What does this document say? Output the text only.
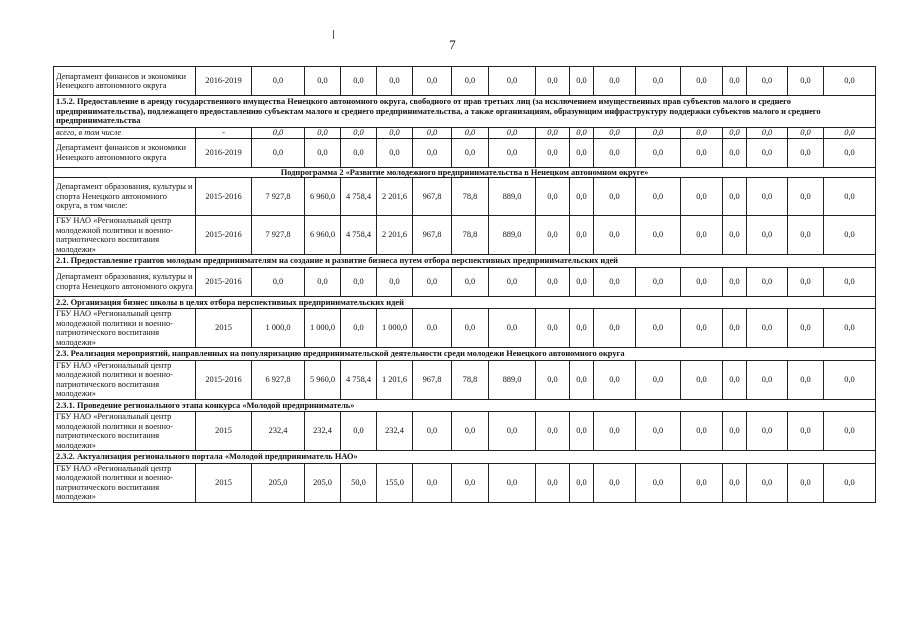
7
Департамент финансов и экономики Ненецкого автономного округа	2016-2019	0,0	0,0	0,0	0,0	0,0	0,0	0,0	0,0	0,0	0,0	0,0	0,0	0,0	0,0	0,0	0,0
1.5.2. Предоставление в аренду государственного имущества Ненецкого автономного округа, свободного от прав третьих лиц (за исключением имущественных прав субъектов малого и среднего предпринимательства), подлежащего предоставлению субъектам малого и среднего предпринимательства, а также организациям, образующим инфраструктуру поддержки субъектов малого и среднего предпринимательства																	
всего, в том числе	-	0,0	0,0	0,0	0,0	0,0	0,0	0,0	0,0	0,0	0,0	0,0	0,0	0,0	0,0	0,0	0,0
Департамент финансов и экономики Ненецкого автономного округа	2016-2019	0,0	0,0	0,0	0,0	0,0	0,0	0,0	0,0	0,0	0,0	0,0	0,0	0,0	0,0	0,0	0,0
Подпрограмма 2 «Развитие молодежного предпринимательства в Ненецком автономном округе»																	
Департамент образования, культуры и спорта Ненецкого автономного округа, в том числе:	2015-2016	7 927,8	6 960,0	4 758,4	2 201,6	967,8	78,8	889,0	0,0	0,0	0,0	0,0	0,0	0,0	0,0	0,0	0,0
ГБУ НАО «Региональный центр молодежной политики и военно-патриотического воспитания молодежи»	2015-2016	7 927,8	6 960,0	4 758,4	2 201,6	967,8	78,8	889,0	0,0	0,0	0,0	0,0	0,0	0,0	0,0	0,0	0,0
2.1. Предоставление грантов молодым предпринимателям на создание и развитие бизнеса путем отбора перспективных предпринимательских идей																	
Департамент образования, культуры и спорта Ненецкого автономного округа	2015-2016	0,0	0,0	0,0	0,0	0,0	0,0	0,0	0,0	0,0	0,0	0,0	0,0	0,0	0,0	0,0	0,0
2.2. Организация бизнес школы в целях отбора перспективных предпринимательских идей																	
ГБУ НАО «Региональный центр молодежной политики и военно-патриотического воспитания молодежи»	2015	1 000,0	1 000,0	0,0	1 000,0	0,0	0,0	0,0	0,0	0,0	0,0	0,0	0,0	0,0	0,0	0,0	0,0
2.3. Реализация мероприятий, направленных на популяризацию предпринимательской деятельности среди молодежи Ненецкого автономного округа																	
ГБУ НАО «Региональный центр молодежной политики и военно-патриотического воспитания молодежи»	2015-2016	6 927,8	5 960,0	4 758,4	1 201,6	967,8	78,8	889,0	0,0	0,0	0,0	0,0	0,0	0,0	0,0	0,0	0,0
2.3.1. Проведение регионального этапа конкурса «Молодой предприниматель»																	
ГБУ НАО «Региональный центр молодежной политики и военно-патриотического воспитания молодежи»	2015	232,4	232,4	0,0	232,4	0,0	0,0	0,0	0,0	0,0	0,0	0,0	0,0	0,0	0,0	0,0	0,0
2.3.2. Актуализация регионального портала «Молодой предприниматель НАО»																	
ГБУ НАО «Региональный центр молодежной политики и военно-патриотического воспитания молодежи»	2015	205,0	205,0	50,0	155,0	0,0	0,0	0,0	0,0	0,0	0,0	0,0	0,0	0,0	0,0	0,0	0,0
